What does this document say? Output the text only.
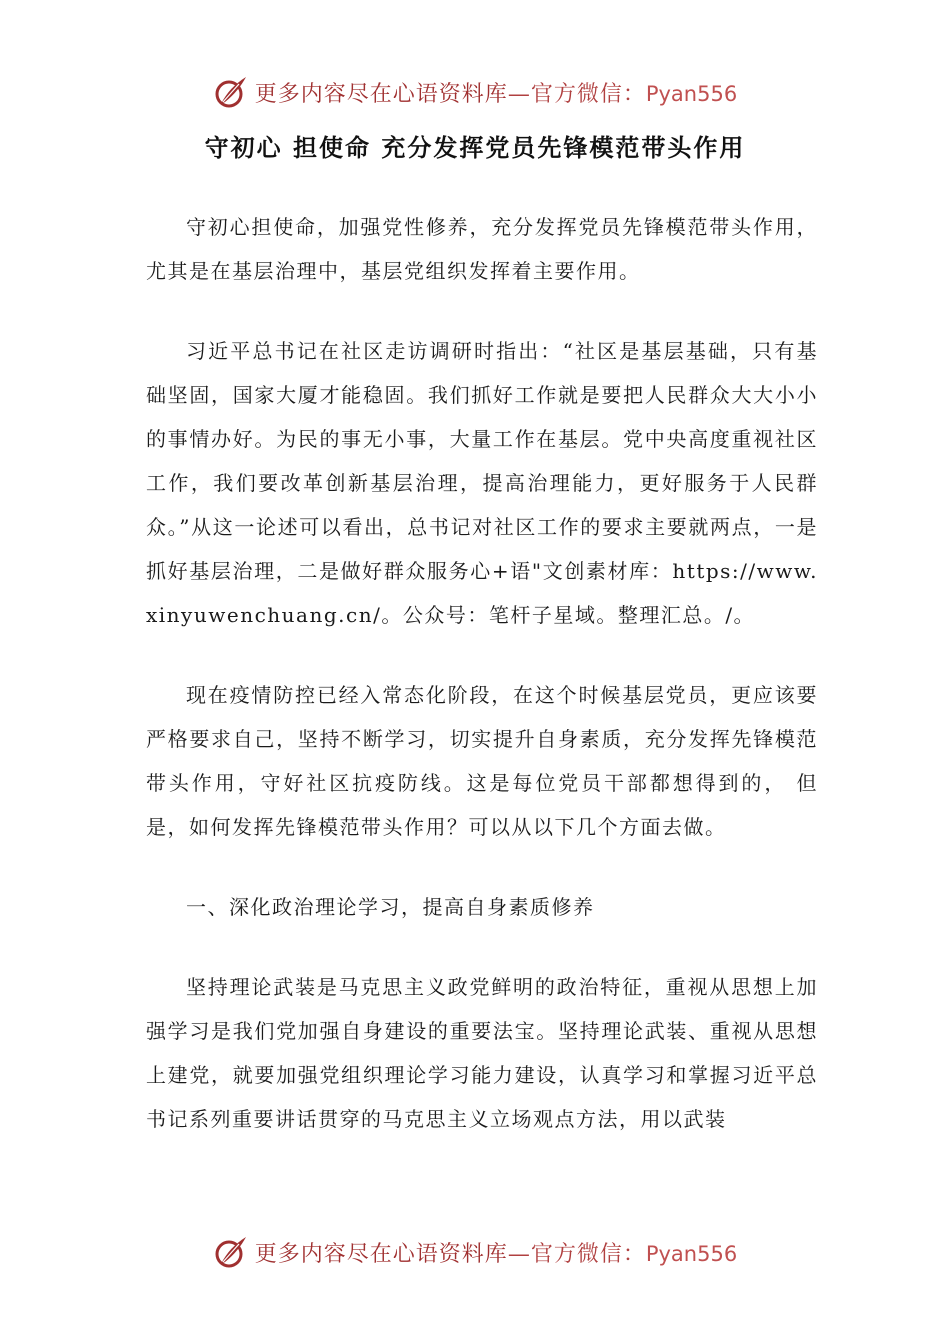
更多内容尽在心语资料库—官方微信：Pyan556
守初心 担使命 充分发挥党员先锋模范带头作用

守初心担使命，加强党性修养，充分发挥党员先锋模范带头作用，尤其是在基层治理中，基层党组织发挥着主要作用。

习近平总书记在社区走访调研时指出：“社区是基层基础，只有基础坚固，国家大厦才能稳固。我们抓好工作就是要把人民群众大大小小的事情办好。为民的事无小事，大量工作在基层。党中央高度重视社区工作，我们要改革创新基层治理，提高治理能力，更好服务于人民群众。”从这一论述可以看出，总书记对社区工作的要求主要就两点，一是抓好基层治理，二是做好群众服务心+语"文创素材库：https://www.xinyuwenchuang.cn/。公众号：笔杆子星域。整理汇总。/。

现在疫情防控已经入常态化阶段，在这个时候基层党员，更应该要严格要求自己，坚持不断学习，切实提升自身素质，充分发挥先锋模范带头作用，守好社区抗疫防线。这是每位党员干部都想得到的， 但是，如何发挥先锋模范带头作用？可以从以下几个方面去做。

一、深化政治理论学习，提高自身素质修养

坚持理论武装是马克思主义政党鲜明的政治特征，重视从思想上加强学习是我们党加强自身建设的重要法宝。坚持理论武装、重视从思想上建党，就要加强党组织理论学习能力建设，认真学习和掌握习近平总书记系列重要讲话贯穿的马克思主义立场观点方法，用以武装

更多内容尽在心语资料库—官方微信：Pyan556
